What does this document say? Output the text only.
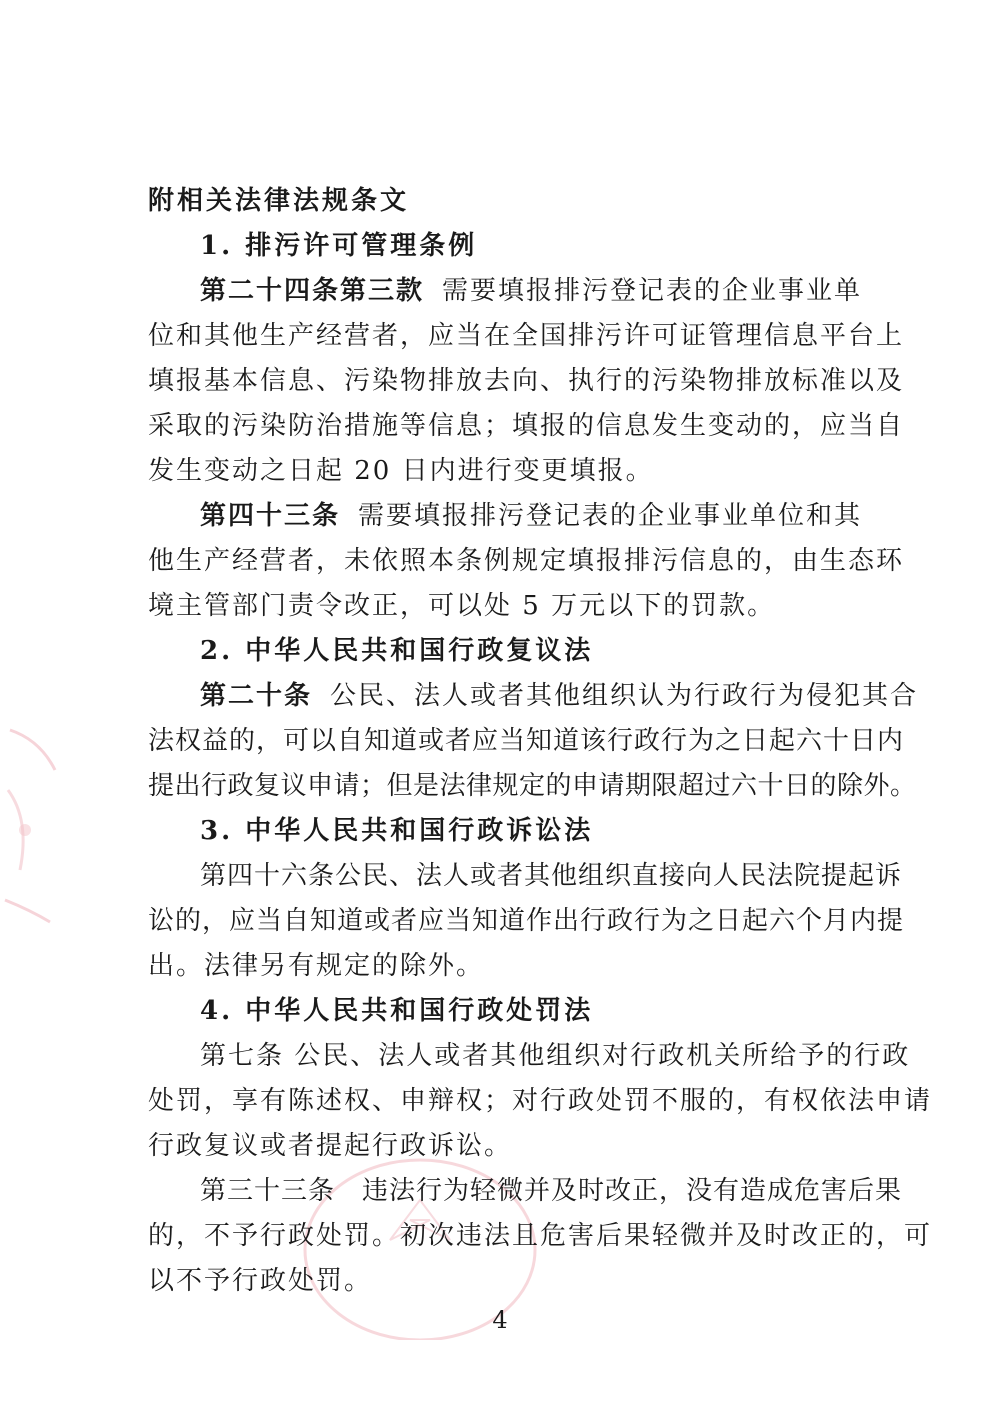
附相关法律法规条文
1. 排污许可管理条例
第二十四条第三款 需要填报排污登记表的企业事业单
位和其他生产经营者，应当在全国排污许可证管理信息平台上
填报基本信息、污染物排放去向、执行的污染物排放标准以及
采取的污染防治措施等信息；填报的信息发生变动的，应当自
发生变动之日起 20 日内进行变更填报。
第四十三条 需要填报排污登记表的企业事业单位和其
他生产经营者，未依照本条例规定填报排污信息的，由生态环
境主管部门责令改正，可以处 5 万元以下的罚款。
2. 中华人民共和国行政复议法
第二十条 公民、法人或者其他组织认为行政行为侵犯其合
法权益的，可以自知道或者应当知道该行政行为之日起六十日内
提出行政复议申请；但是法律规定的申请期限超过六十日的除外。
3. 中华人民共和国行政诉讼法
第四十六条公民、法人或者其他组织直接向人民法院提起诉
讼的，应当自知道或者应当知道作出行政行为之日起六个月内提
出。法律另有规定的除外。
4. 中华人民共和国行政处罚法
第七条 公民、法人或者其他组织对行政机关所给予的行政
处罚，享有陈述权、申辩权；对行政处罚不服的，有权依法申请
行政复议或者提起行政诉讼。
第三十三条　违法行为轻微并及时改正，没有造成危害后果
的，不予行政处罚。初次违法且危害后果轻微并及时改正的，可
以不予行政处罚。
4
